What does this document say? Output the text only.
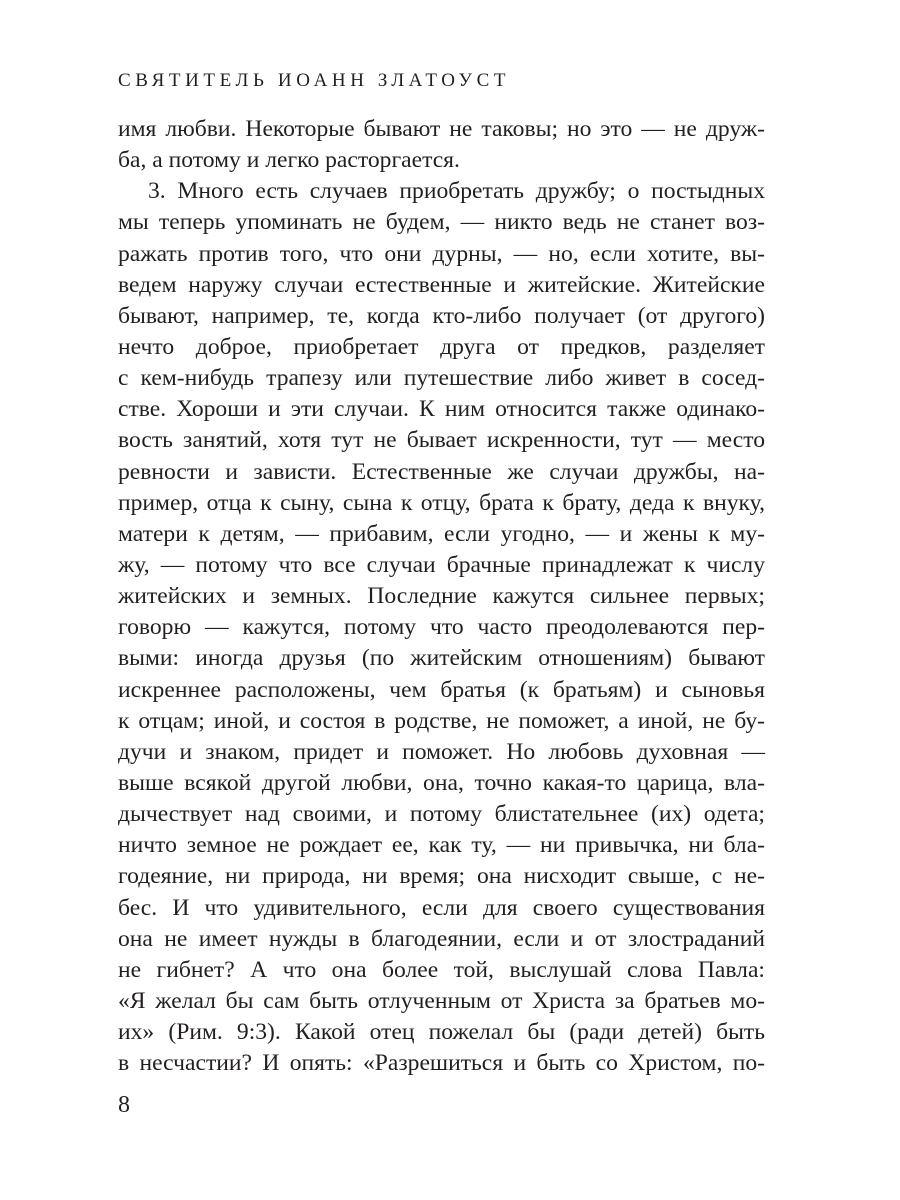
СВЯТИТЕЛЬ ИОАНН ЗЛАТОУСТ
имя любви. Некоторые бывают не таковы; но это — не друж-
ба, а потому и легко расторгается.
3. Много есть случаев приобретать дружбу; о постыдных
мы теперь упоминать не будем, — никто ведь не станет воз-
ражать против того, что они дурны, — но, если хотите, вы-
ведем наружу случаи естественные и житейские. Житейские
бывают, например, те, когда кто-либо получает (от другого)
нечто доброе, приобретает друга от предков, разделяет
с кем-нибудь трапезу или путешествие либо живет в сосед-
стве. Хороши и эти случаи. К ним относится также одинако-
вость занятий, хотя тут не бывает искренности, тут — место
ревности и зависти. Естественные же случаи дружбы, на-
пример, отца к сыну, сына к отцу, брата к брату, деда к внуку,
матери к детям, — прибавим, если угодно, — и жены к му-
жу, — потому что все случаи брачные принадлежат к числу
житейских и земных. Последние кажутся сильнее первых;
говорю — кажутся, потому что часто преодолеваются пер-
выми: иногда друзья (по житейским отношениям) бывают
искреннее расположены, чем братья (к братьям) и сыновья
к отцам; иной, и состоя в родстве, не поможет, а иной, не бу-
дучи и знаком, придет и поможет. Но любовь духовная —
выше всякой другой любви, она, точно какая-то царица, вла-
дычествует над своими, и потому блистательнее (их) одета;
ничто земное не рождает ее, как ту, — ни привычка, ни бла-
годеяние, ни природа, ни время; она нисходит свыше, с не-
бес. И что удивительного, если для своего существования
она не имеет нужды в благодеянии, если и от злостраданий
не гибнет? А что она более той, выслушай слова Павла:
«Я желал бы сам быть отлученным от Христа за братьев мо-
их» (Рим. 9:3). Какой отец пожелал бы (ради детей) быть
в несчастии? И опять: «Разрешиться и быть со Христом, по-
8
